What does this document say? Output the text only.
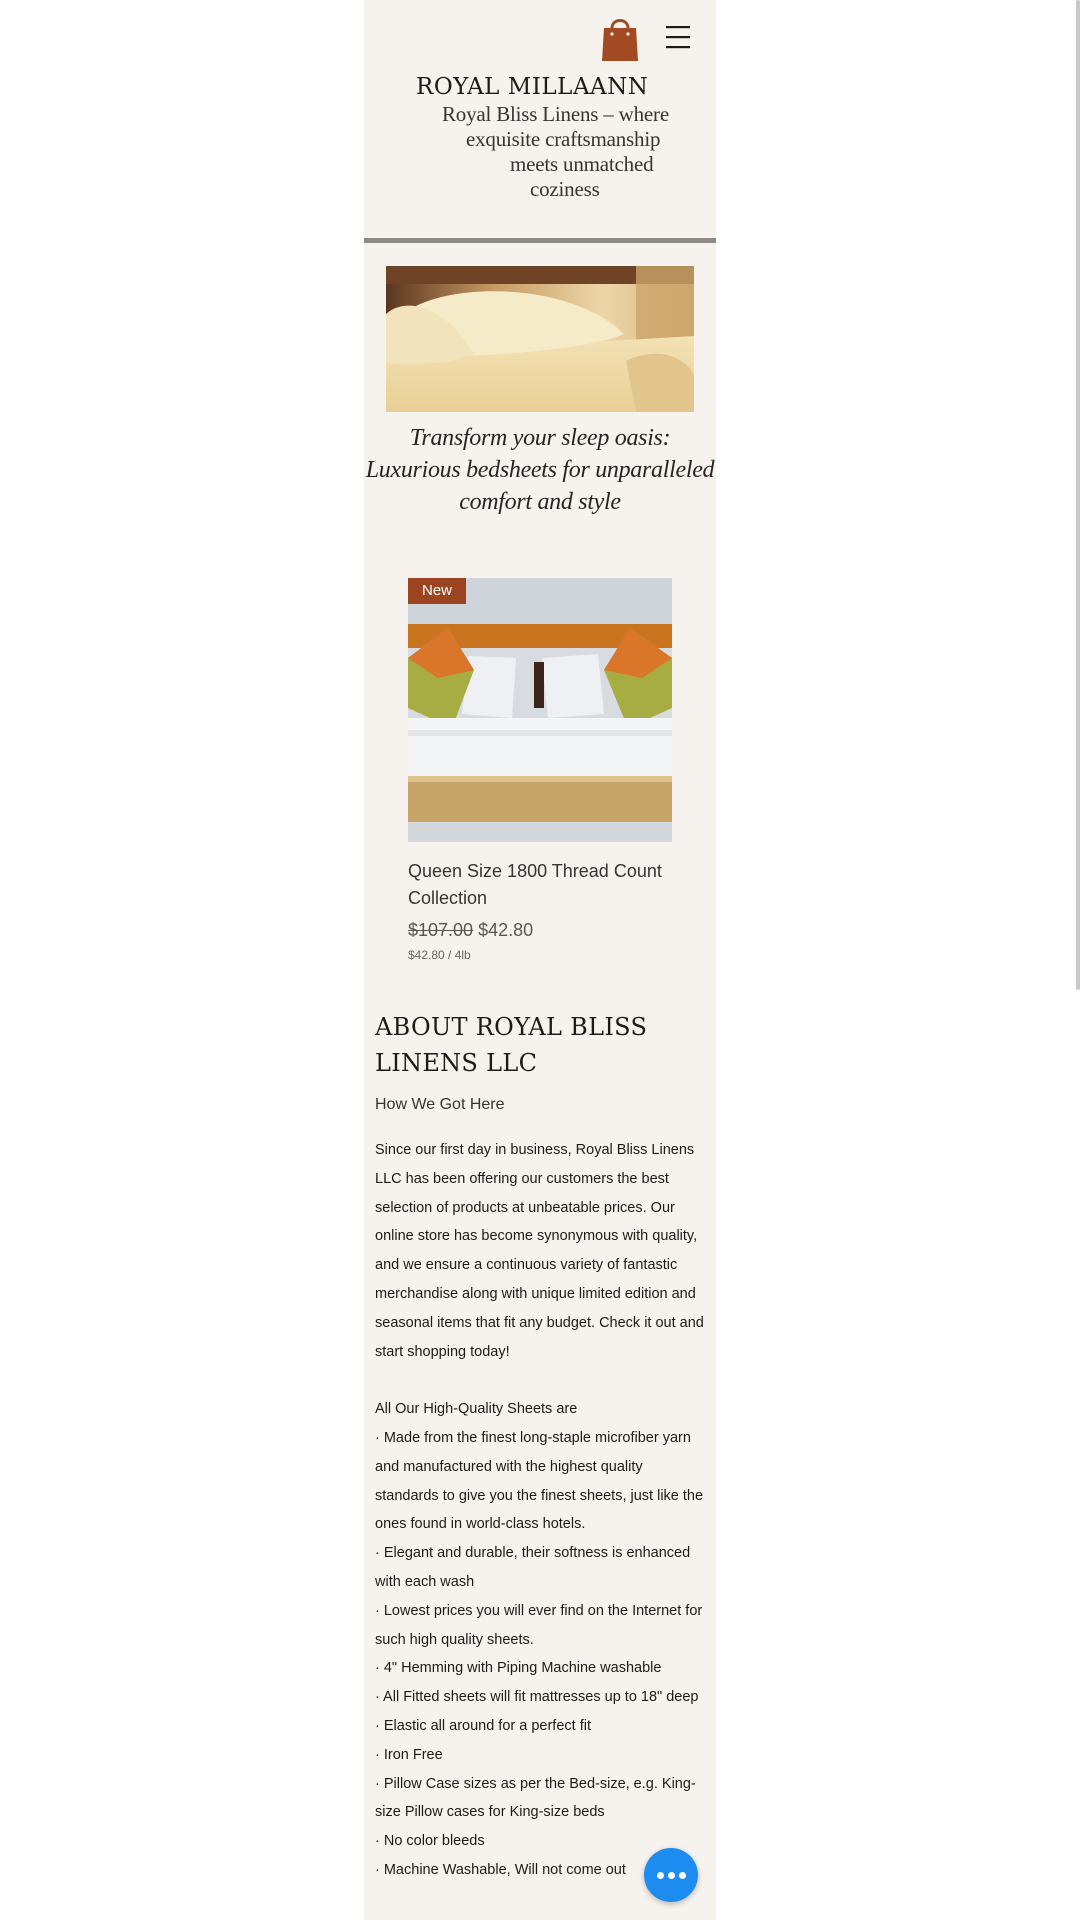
ROYAL MILLAANN
Royal Bliss Linens – where
exquisite craftsmanship
meets unmatched
coziness
Transform your sleep oasis:
Luxurious bedsheets for unparalleled
comfort and style
New
Queen Size 1800 Thread Count
Collection
$107.00 $42.80
$42.80 / 4lb
ABOUT ROYAL BLISS
LINENS LLC
How We Got Here

Since our first day in business, Royal Bliss Linens LLC has been offering our customers the best selection of products at unbeatable prices. Our online store has become synonymous with quality, and we ensure a continuous variety of fantastic merchandise along with unique limited edition and seasonal items that fit any budget. Check it out and start shopping today!

All Our High-Quality Sheets are

· Made from the finest long-staple microfiber yarn and manufactured with the highest quality standards to give you the finest sheets, just like the ones found in world-class hotels.

· Elegant and durable, their softness is enhanced with each wash

· Lowest prices you will ever find on the Internet for such high quality sheets.

· 4" Hemming with Piping Machine washable

· All Fitted sheets will fit mattresses up to 18" deep

· Elastic all around for a perfect fit

· Iron Free

· Pillow Case sizes as per the Bed-size, e.g. King-size Pillow cases for King-size beds

· No color bleeds

· Machine Washable, Will not come out
